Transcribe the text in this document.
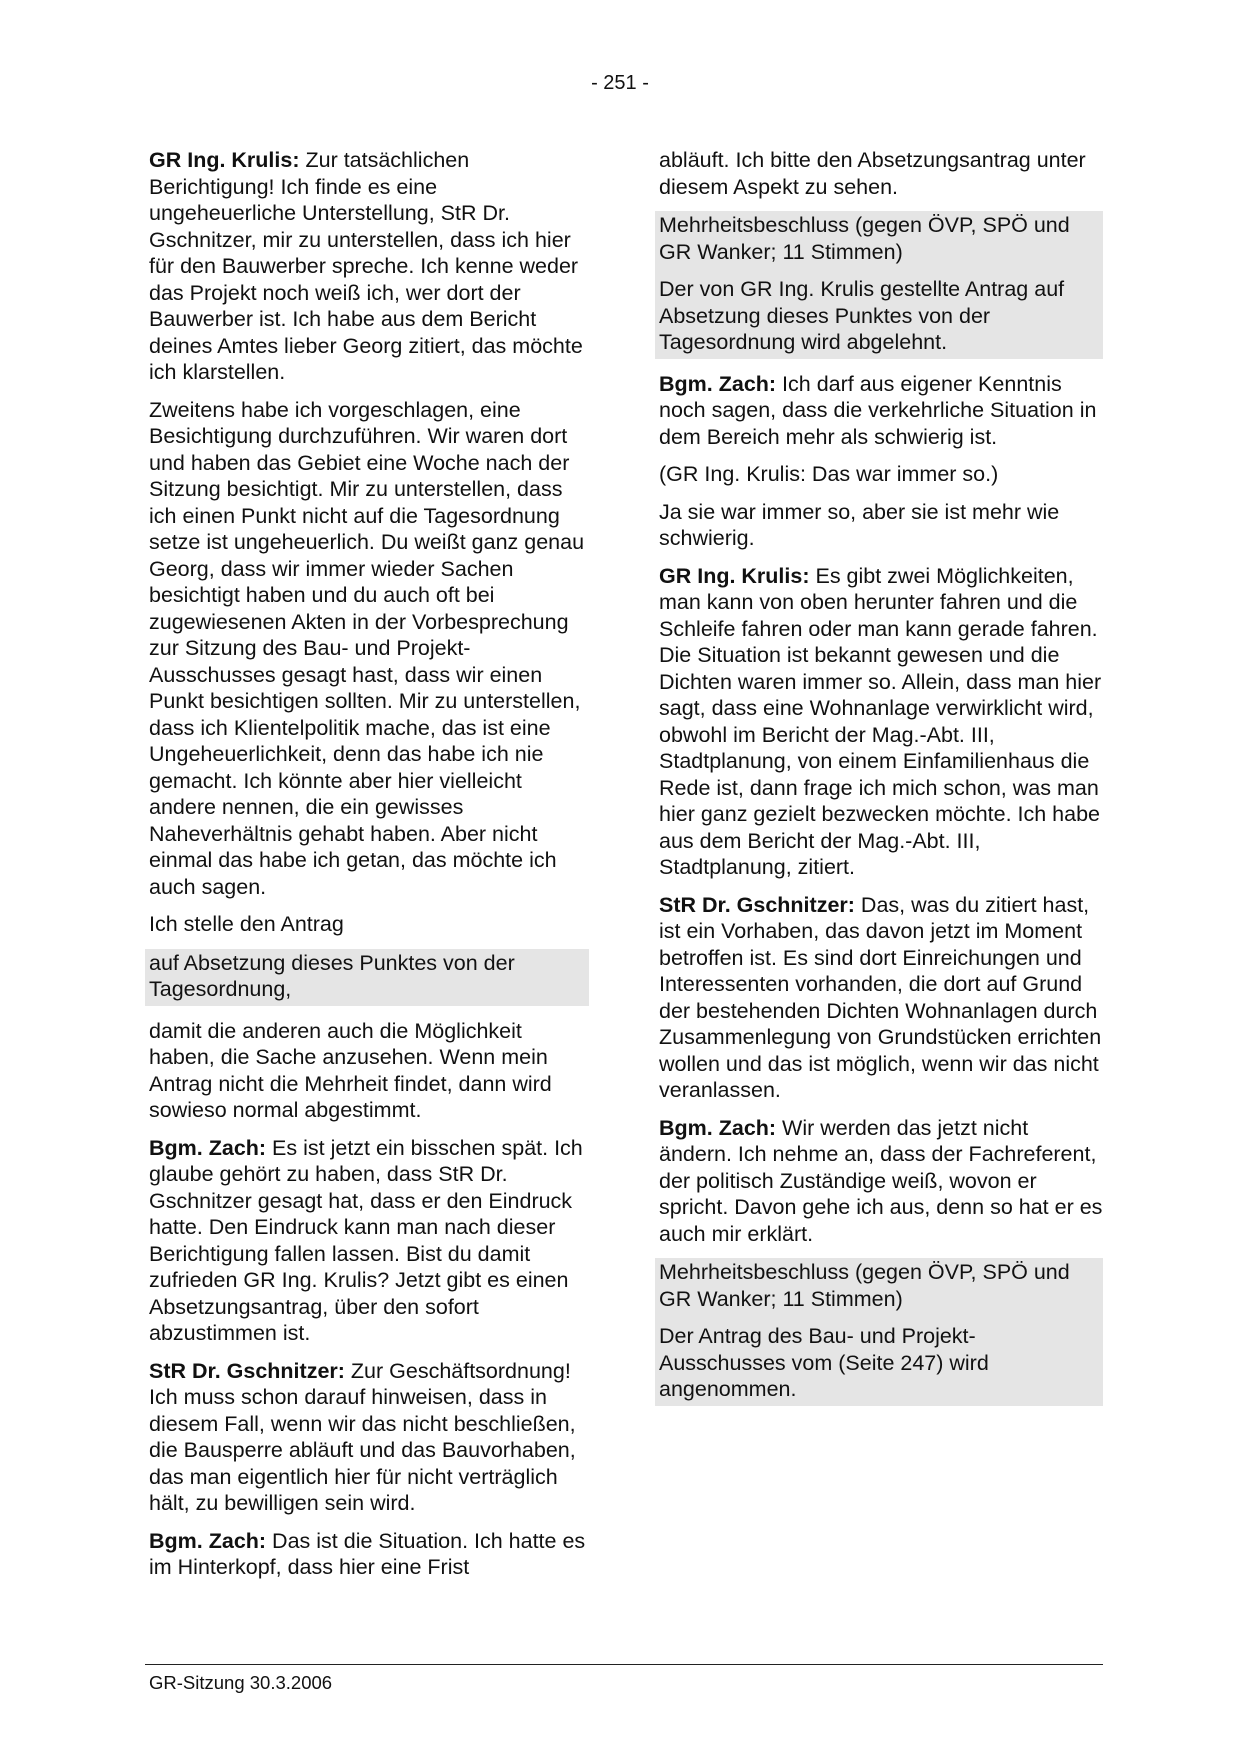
- 251 -

GR Ing. Krulis: Zur tatsächlichen Berichtigung! Ich finde es eine ungeheuerliche Unterstellung, StR Dr. Gschnitzer, mir zu unterstellen, dass ich hier für den Bauwerber spreche. Ich kenne weder das Projekt noch weiß ich, wer dort der Bauwerber ist. Ich habe aus dem Bericht deines Amtes lieber Georg zitiert, das möchte ich klarstellen.

Zweitens habe ich vorgeschlagen, eine Besichtigung durchzuführen. Wir waren dort und haben das Gebiet eine Woche nach der Sitzung besichtigt. Mir zu unterstellen, dass ich einen Punkt nicht auf die Tagesordnung setze ist ungeheuerlich. Du weißt ganz genau Georg, dass wir immer wieder Sachen besichtigt haben und du auch oft bei zugewiesenen Akten in der Vorbesprechung zur Sitzung des Bau- und Projekt-Ausschusses gesagt hast, dass wir einen Punkt besichtigen sollten. Mir zu unterstellen, dass ich Klientelpolitik mache, das ist eine Ungeheuerlichkeit, denn das habe ich nie gemacht. Ich könnte aber hier vielleicht andere nennen, die ein gewisses Naheverhältnis gehabt haben. Aber nicht einmal das habe ich getan, das möchte ich auch sagen.

Ich stelle den Antrag

auf Absetzung dieses Punktes von der Tagesordnung,

damit die anderen auch die Möglichkeit haben, die Sache anzusehen. Wenn mein Antrag nicht die Mehrheit findet, dann wird sowieso normal abgestimmt.

Bgm. Zach: Es ist jetzt ein bisschen spät. Ich glaube gehört zu haben, dass StR Dr. Gschnitzer gesagt hat, dass er den Eindruck hatte. Den Eindruck kann man nach dieser Berichtigung fallen lassen. Bist du damit zufrieden GR Ing. Krulis? Jetzt gibt es einen Absetzungsantrag, über den sofort abzustimmen ist.

StR Dr. Gschnitzer: Zur Geschäftsordnung! Ich muss schon darauf hinweisen, dass in diesem Fall, wenn wir das nicht beschließen, die Bausperre abläuft und das Bauvorhaben, das man eigentlich hier für nicht verträglich hält, zu bewilligen sein wird.

Bgm. Zach: Das ist die Situation. Ich hatte es im Hinterkopf, dass hier eine Frist

abläuft. Ich bitte den Absetzungsantrag unter diesem Aspekt zu sehen.

Mehrheitsbeschluss (gegen ÖVP, SPÖ und GR Wanker; 11 Stimmen)

Der von GR Ing. Krulis gestellte Antrag auf Absetzung dieses Punktes von der Tagesordnung wird abgelehnt.

Bgm. Zach: Ich darf aus eigener Kenntnis noch sagen, dass die verkehrliche Situation in dem Bereich mehr als schwierig ist.

(GR Ing. Krulis: Das war immer so.)

Ja sie war immer so, aber sie ist mehr wie schwierig.

GR Ing. Krulis: Es gibt zwei Möglichkeiten, man kann von oben herunter fahren und die Schleife fahren oder man kann gerade fahren. Die Situation ist bekannt gewesen und die Dichten waren immer so. Allein, dass man hier sagt, dass eine Wohnanlage verwirklicht wird, obwohl im Bericht der Mag.-Abt. III, Stadtplanung, von einem Einfamilienhaus die Rede ist, dann frage ich mich schon, was man hier ganz gezielt bezwecken möchte. Ich habe aus dem Bericht der Mag.-Abt. III, Stadtplanung, zitiert.

StR Dr. Gschnitzer: Das, was du zitiert hast, ist ein Vorhaben, das davon jetzt im Moment betroffen ist. Es sind dort Einreichungen und Interessenten vorhanden, die dort auf Grund der bestehenden Dichten Wohnanlagen durch Zusammenlegung von Grundstücken errichten wollen und das ist möglich, wenn wir das nicht veranlassen.

Bgm. Zach: Wir werden das jetzt nicht ändern. Ich nehme an, dass der Fachreferent, der politisch Zuständige weiß, wovon er spricht. Davon gehe ich aus, denn so hat er es auch mir erklärt.

Mehrheitsbeschluss (gegen ÖVP, SPÖ und GR Wanker; 11 Stimmen)

Der Antrag des Bau- und Projekt-Ausschusses vom (Seite 247) wird angenommen.

GR-Sitzung 30.3.2006
